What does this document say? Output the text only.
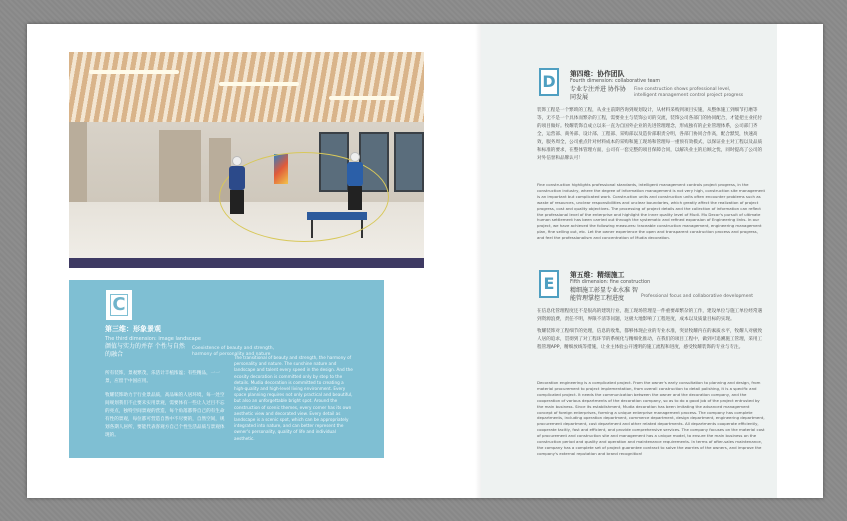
C
第三维：形象景观
The third dimension: image landscape
颜值与实力的并存 个性与自然的融合
Coexistence of beauty and strength, harmony of personality and nature

所有装饰，景观繁茂，乐活计丰植浓谧；有些精品，一一景，应留于中国应用。

牧耀装饰助力于行业景品质，高品味的人居环境，每一处空间规划我们不止要未实用景观，需要体有一些让人过目不忘的亮点，独特空间景观的营造，每个角落都得自己的有生命有性的景观，每位都可营造自然中不尽要的，自然空间，规划各期人居所，要能代表客观方自己个性生活品质与景观体现的。

The transitional of beauty and strength, the harmony of personality and nature. The sunshine nature and landscape and talent every speed in the design. And the ecosity decoration is committed only by step to the details. Mudia decoration is committed to creating a high-quality and high-level living environment. Every space planning requires not only practical and beautiful, but also an unforgettable bright spot. Around the construction of scenic themes, every corner has its own aesthetic view and decorated view. Every detail as landscape is a scenic spot, which can be appropriately integrated into nature, and can better represent the owner's personality, quality of life and individual aesthetic.
D	第四维：协作团队
Fourth dimension: collaborative team
专业专注并进 协作协同发展
Fine construction shows professional level, intelligent management control project progress
装饰工程是一个繁琐的工程，从业主前期咨询到规划设计，从材料采购到项目实施，从整体施工到细节打磨等等，无不是一个具体而繁杂的工程，需要业主与装饰公司的交流，装饰公司各部门的协同配合，才能把主业托付的项目做好。牧耀装饰自成立以来一直为自国外企业的先进管理理念，形成独有的企业管理体系，公司部门齐全，运营部、商务部、设计部、工程部、采购部以及造价部职责分明，各部门协同合作高，配合默契，快速高效，服务周全，公司重点针对材料成本的采购和施工现场和管理每一重预有效模式，以保证业主对工程以及品质和标准的要求，在整体管理方面，公司有一套完整的项目保障合同，以解决业主的后顾之忧，同时提高了公司的对外信誉和品牌认可！
Fine construction highlights professional standards, intelligent management controls project progress, in the construction industry, where the degree of information management is not very high, construction site management is an important but complicated work. Construction units and construction units often encounter problems such as waste of resources, unclear responsibilities and unclear boundaries, which greatly affect the realization of project progress, cost and quality objectives. The processing of project details and the collection of information can reflect the professional level of the enterprise and highlight the inner quality level of Mudi. Mu Decor's pursuit of ultimate human settlement has been carried out through the systematic and refined expansion of Engineering links. In our project, we have achieved the following measures: traceable construction management, engineering management plan, fine selling out, etc. Let the owner experience the open and transparent construction process and progress, and feel the professionalism and concentration of Mudia decoration.
E	第五维：精细施工
Fifth dimension: fine construction
精细施工彰显专业水准 智能管理掌控工程进度	Professional focus and collaborative development

在信息化管理程度还不是很高的建筑行业，施工现场管理是一件重要却繁杂的工作，建设单位与施工单位经常遇到资源浪费，责任不明，界限不清等问题，这极大地影响了工程进度，成本以及质量目标的实现。

牧耀装饰对工程细节的处理，信息的收集，都够体现企业的专业水准，突显牧耀内在的素质水平，牧耀人对极致人居的追求，贯彻到了对工程环节的系统化与精细化推动，在我们的项目工程中，做到可追溯施工管理，采用工程管理APP，精细放线等措施，让业主体验公开透明的施工流程和进度，感受牧耀装饰的专业与专注。

Decoration engineering is a complicated project. From the owner's early consultation to planning and design, from material procurement to project implementation, from overall construction to detail polishing, it is a specific and complicated project. It needs the communication between the owner and the decoration company, and the cooperation of various departments of the decoration company, so as to do a good job of the project entrusted by the main business. Since its establishment, Mudia decoration has been imitating the advanced management concept of foreign enterprises, forming a unique enterprise management process. The company has complete departments, including operation department, commerce department, design department, engineering department, procurement department, cost department and other related departments. All departments cooperate efficiently, cooperate tacitly, fast and efficient, and provide comprehensive services. The company focuses on the material cost of procurement and construction site and management has a unique model, to ensure the main business on the construction period and quality and operation and maintenance requirements. In terms of after-sales maintenance, the company has a complete set of project guarantee contract to solve the worries of the owners, and improve the company's external reputation and brand recognition!
